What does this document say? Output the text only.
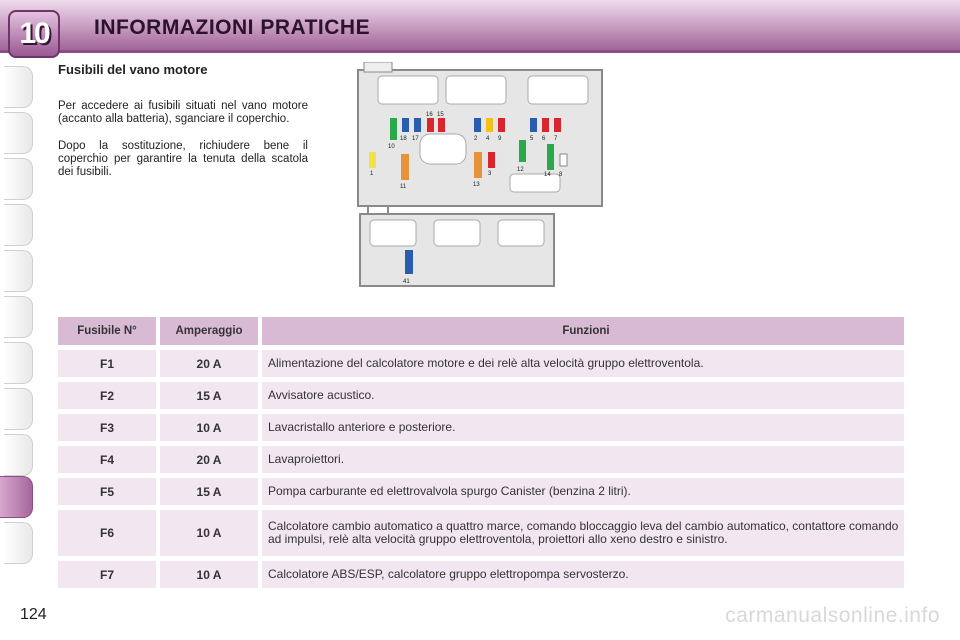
10	INFORMAZIONI PRATICHE
Fusibili del vano motore

Per accedere ai fusibili situati nel vano motore (accanto alla batteria), sganciare il coperchio.

Dopo la sostituzione, richiudere bene il coperchio per garantire la tenuta della scatola dei fusibili.

16 15
18 17
10
1
11
2 4 9
13
3
5 6 7
12
14 8
41
Fusibile N°	Amperaggio	Funzioni
F1	20 A	Alimentazione del calcolatore motore e dei relè alta velocità gruppo elettroventola.
F2	15 A	Avvisatore acustico.
F3	10 A	Lavacristallo anteriore e posteriore.
F4	20 A	Lavaproiettori.
F5	15 A	Pompa carburante ed elettrovalvola spurgo Canister (benzina 2 litri).
F6	10 A	Calcolatore cambio automatico a quattro marce, comando bloccaggio leva del cambio automatico, contattore comando ad impulsi, relè alta velocità gruppo elettroventola, proiettori allo xeno destro e sinistro.
F7	10 A	Calcolatore ABS/ESP, calcolatore gruppo elettropompa servosterzo.
124	carmanualsonline.info
